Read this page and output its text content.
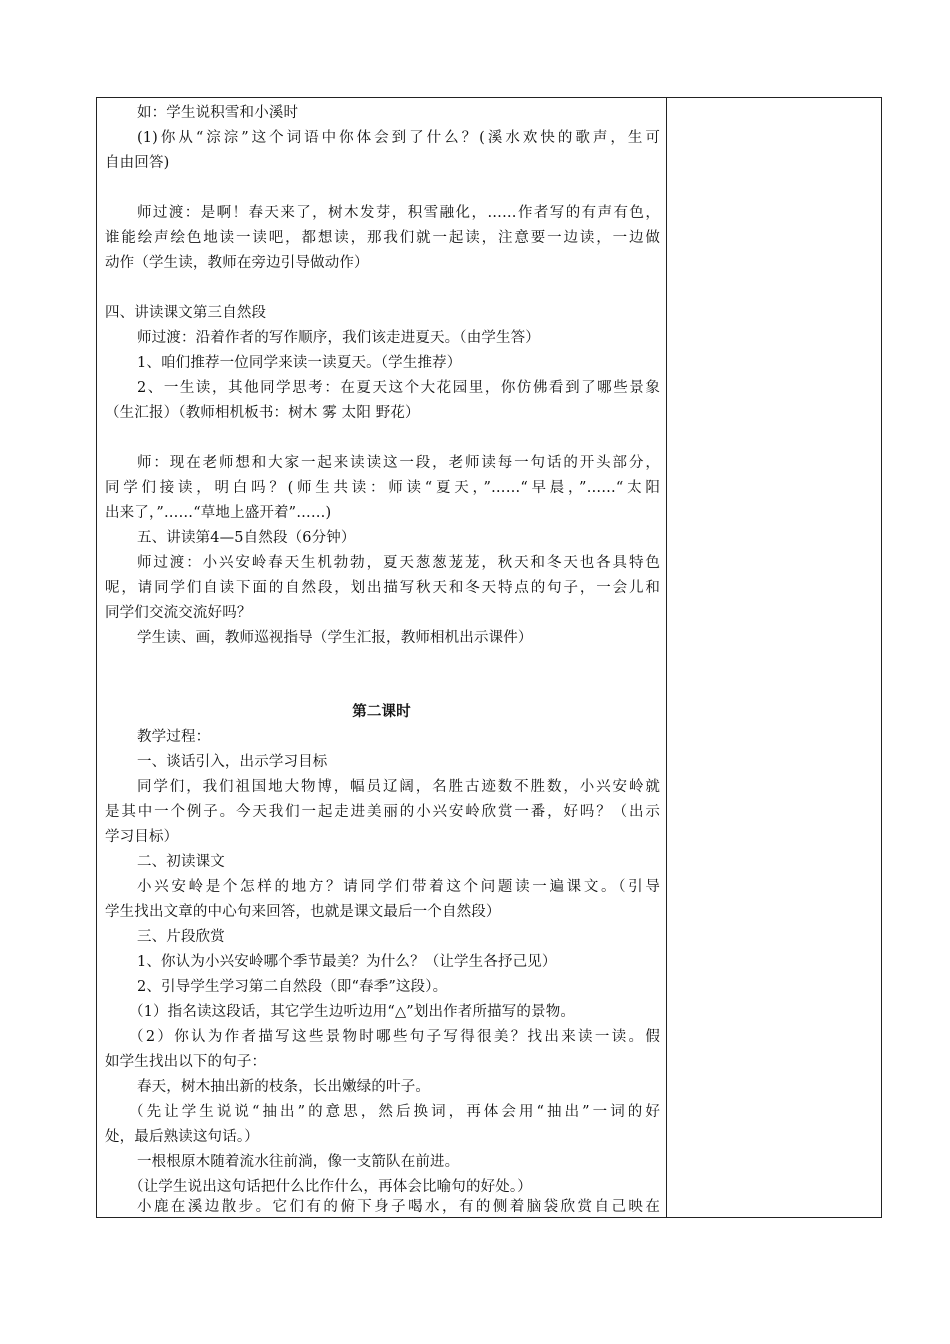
如：学生说积雪和小溪时
(1)你从“淙淙”这个词语中你体会到了什么？(溪水欢快的歌声，生可
自由回答)
师过渡：是啊！春天来了，树木发芽，积雪融化，……作者写的有声有色，
谁能绘声绘色地读一读吧，都想读，那我们就一起读，注意要一边读，一边做
动作（学生读，教师在旁边引导做动作）
四、讲读课文第三自然段
师过渡：沿着作者的写作顺序，我们该走进夏天。（由学生答）
1、咱们推荐一位同学来读一读夏天。（学生推荐）
2、一生读，其他同学思考：在夏天这个大花园里，你仿佛看到了哪些景象
（生汇报）（教师相机板书：树木 雾 太阳 野花）
师：现在老师想和大家一起来读读这一段，老师读每一句话的开头部分，
同学们接读，明白吗？(师生共读：师读“夏天，”……“早晨，”……“太阳
出来了，”……“草地上盛开着”……)
五、讲读第4—5自然段（6分钟）
师过渡：小兴安岭春天生机勃勃，夏天葱葱茏茏，秋天和冬天也各具特色
呢，请同学们自读下面的自然段，划出描写秋天和冬天特点的句子，一会儿和
同学们交流交流好吗？
学生读、画，教师巡视指导（学生汇报，教师相机出示课件）
第二课时
教学过程：
一、谈话引入，出示学习目标
同学们，我们祖国地大物博，幅员辽阔，名胜古迹数不胜数，小兴安岭就
是其中一个例子。今天我们一起走进美丽的小兴安岭欣赏一番，好吗？（出示
学习目标）
二、初读课文
小兴安岭是个怎样的地方？请同学们带着这个问题读一遍课文。（引导
学生找出文章的中心句来回答，也就是课文最后一个自然段）
三、片段欣赏
1、你认为小兴安岭哪个季节最美？为什么？（让学生各抒己见）
2、引导学生学习第二自然段（即“春季”这段）。
（1）指名读这段话，其它学生边听边用“△”划出作者所描写的景物。
（2）你认为作者描写这些景物时哪些句子写得很美？找出来读一读。假
如学生找出以下的句子：
春天，树木抽出新的枝条，长出嫩绿的叶子。
（先让学生说说“抽出”的意思，然后换词，再体会用“抽出”一词的好
处，最后熟读这句话。）
一根根原木随着流水往前淌，像一支箭队在前进。
（让学生说出这句话把什么比作什么，再体会比喻句的好处。）
小鹿在溪边散步。它们有的俯下身子喝水，有的侧着脑袋欣赏自己映在
